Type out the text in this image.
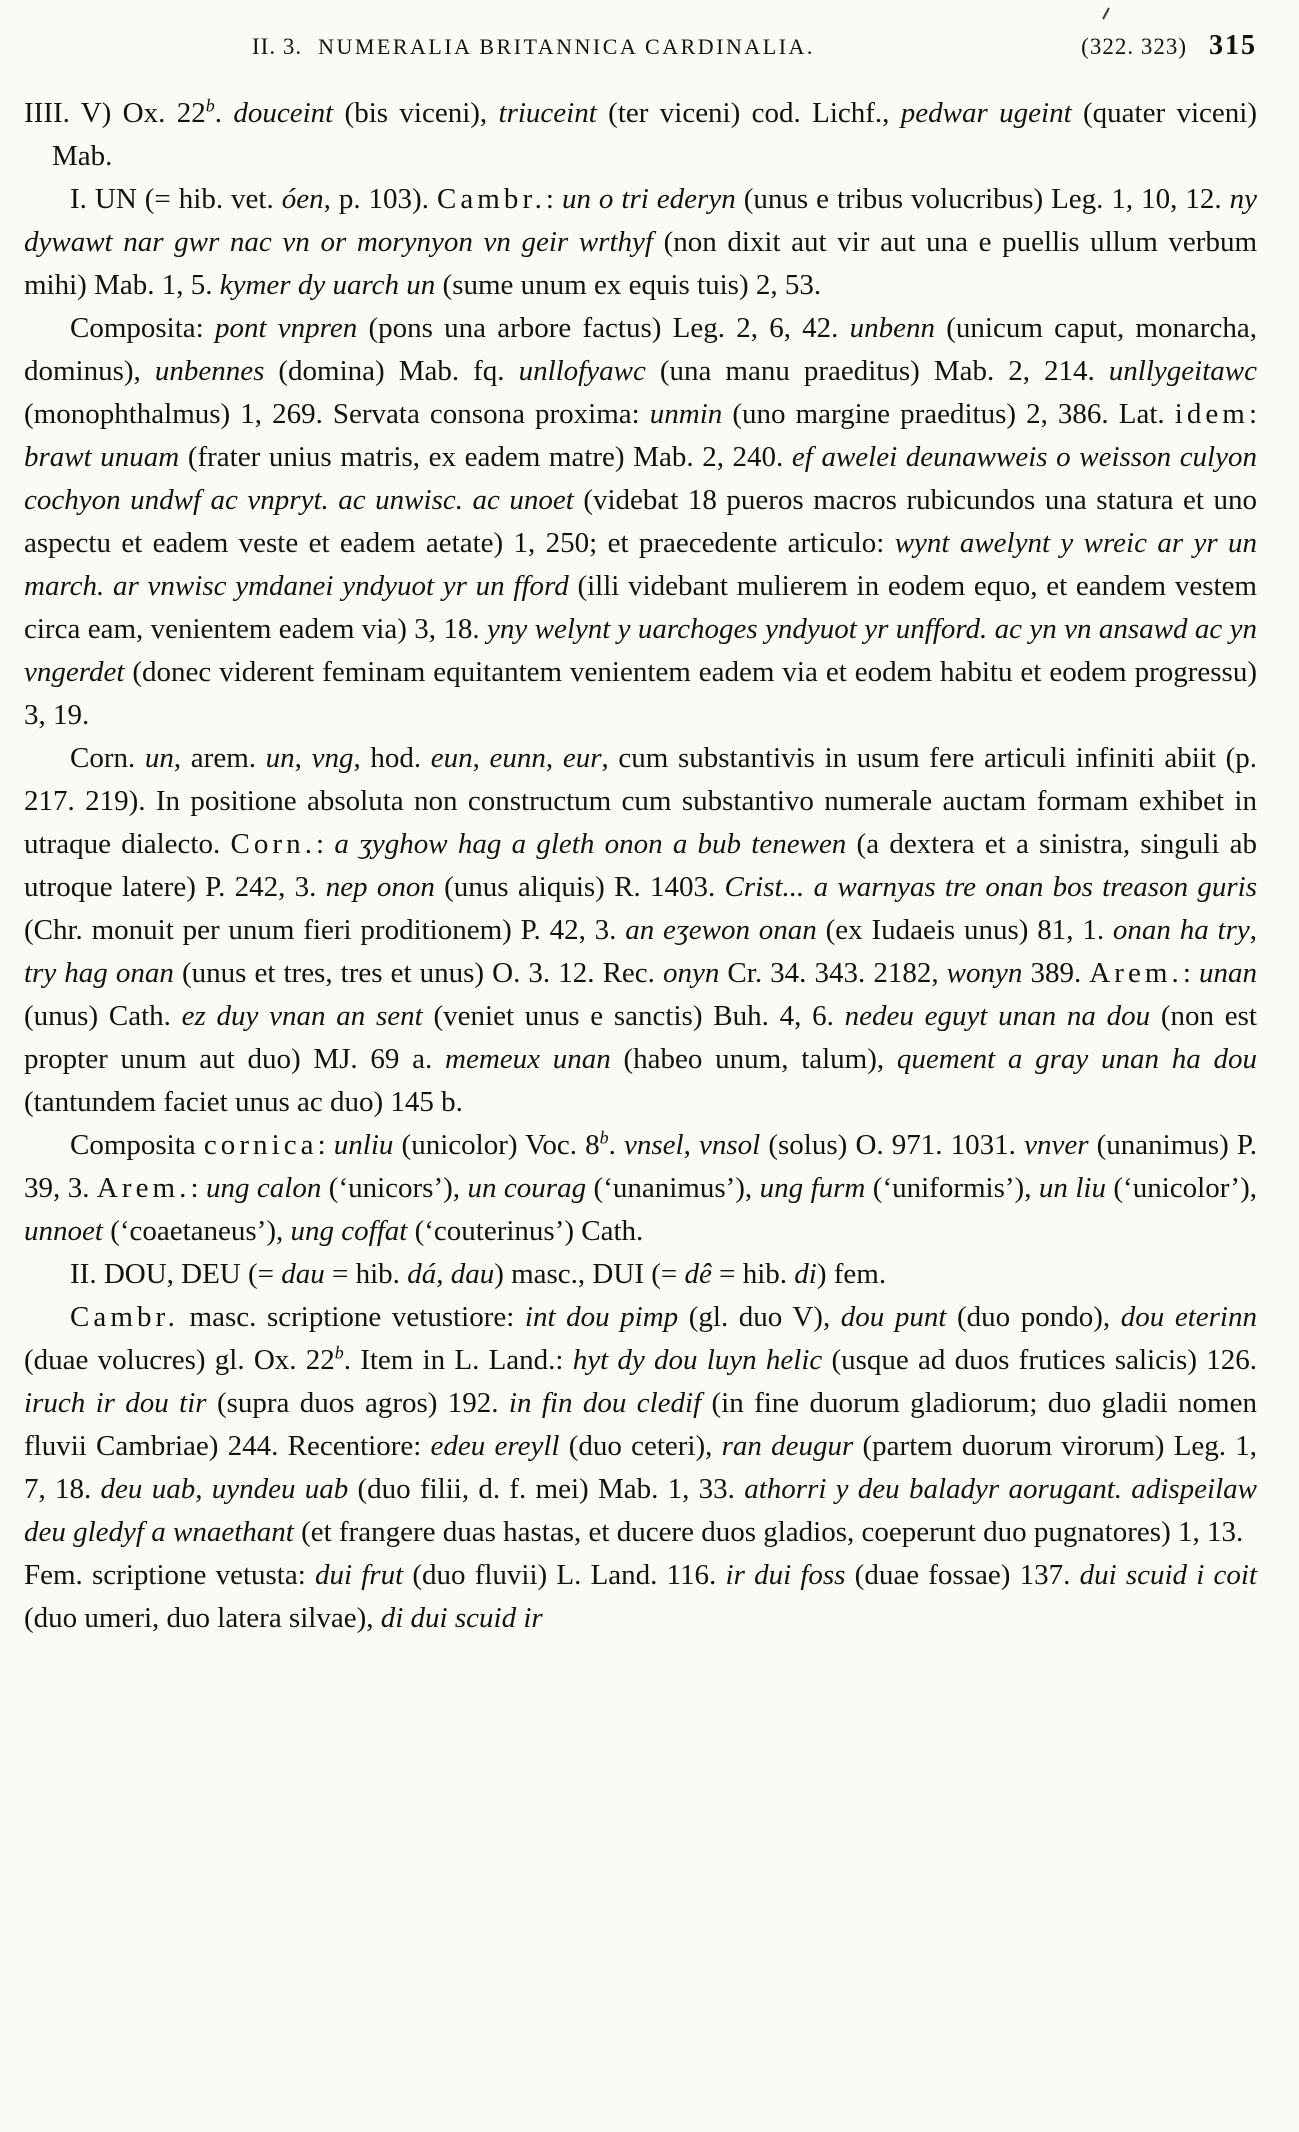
II. 3. NUMERALIA BRITANNICA CARDINALIA.	(322. 323) 315

IIII. V) Ox. 22$^b$. douceint (bis viceni), triuceint (ter viceni) cod. Lichf., pedwar ugeint (quater viceni) Mab.

I. UN (= hib. vet. óen, p. 103). Cambr.: un o tri ederyn (unus e tribus volucribus) Leg. 1, 10, 12. ny dywawt nar gwr nac vn or morynyon vn geir wrthyf (non dixit aut vir aut una e puellis ullum verbum mihi) Mab. 1, 5. kymer dy uarch un (sume unum ex equis tuis) 2, 53.

Composita: pont vnpren (pons una arbore factus) Leg. 2, 6, 42. unbenn (unicum caput, monarcha, dominus), unbennes (domina) Mab. fq. unllofyawc (una manu praeditus) Mab. 2, 214. unllygeitawc (monophthalmus) 1, 269. Servata consona proxima: unmin (uno margine praeditus) 2, 386. Lat. idem: brawt unuam (frater unius matris, ex eadem matre) Mab. 2, 240. ef awelei deunawweis o weisson culyon cochyon undwf ac vnpryt. ac unwisc. ac unoet (videbat 18 pueros macros rubicundos una statura et uno aspectu et eadem veste et eadem aetate) 1, 250; et praecedente articulo: wynt awelynt y wreic ar yr un march. ar vnwisc ymdanei yndyuot yr un fford (illi videbant mulierem in eodem equo, et eandem vestem circa eam, venientem eadem via) 3, 18. yny welynt y uarchoges yndyuot yr unfford. ac yn vn ansawd ac yn vngerdet (donec viderent feminam equitantem venientem eadem via et eodem habitu et eodem progressu) 3, 19.

Corn. un, arem. un, vng, hod. eun, eunn, eur, cum substantivis in usum fere articuli infiniti abiit (p. 217. 219). In positione absoluta non constructum cum substantivo numerale auctam formam exhibet in utraque dialecto. Corn.: a ʒyghow hag a gleth onon a bub tenewen (a dextera et a sinistra, singuli ab utroque latere) P. 242, 3. nep onon (unus aliquis) R. 1403. Crist... a warnyas tre onan bos treason guris (Chr. monuit per unum fieri proditionem) P. 42, 3. an eʒewon onan (ex Iudaeis unus) 81, 1. onan ha try, try hag onan (unus et tres, tres et unus) O. 3. 12. Rec. onyn Cr. 34. 343. 2182, wonyn 389. Arem.: unan (unus) Cath. ez duy vnan an sent (veniet unus e sanctis) Buh. 4, 6. nedeu eguyt unan na dou (non est propter unum aut duo) MJ. 69 a. memeux unan (habeo unum, talum), quement a gray unan ha dou (tantundem faciet unus ac duo) 145 b.

Composita cornica: unliu (unicolor) Voc. 8$^b$. vnsel, vnsol (solus) O. 971. 1031. vnver (unanimus) P. 39, 3. Arem.: ung calon (‘unicors’), un courag (‘unanimus’), ung furm (‘uniformis’), un liu (‘unicolor’), unnoet (‘coaetaneus’), ung coffat (‘couterinus’) Cath.

II. DOU, DEU (= dau = hib. dá, dau) masc., DUI (= dê = hib. di) fem.

Cambr. masc. scriptione vetustiore: int dou pimp (gl. duo V), dou punt (duo pondo), dou eterinn (duae volucres) gl. Ox. 22$^b$. Item in L. Land.: hyt dy dou luyn helic (usque ad duos frutices salicis) 126. iruch ir dou tir (supra duos agros) 192. in fin dou cledif (in fine duorum gladiorum; duo gladii nomen fluvii Cambriae) 244. Recentiore: edeu ereyll (duo ceteri), ran deugur (partem duorum virorum) Leg. 1, 7, 18. deu uab, uyndeu uab (duo filii, d. f. mei) Mab. 1, 33. athorri y deu baladyr aorugant. adispeilaw deu gledyf a wnaethant (et frangere duas hastas, et ducere duos gladios, coeperunt duo pugnatores) 1, 13.

Fem. scriptione vetusta: dui frut (duo fluvii) L. Land. 116. ir dui foss (duae fossae) 137. dui scuid i coit (duo umeri, duo latera silvae), di dui scuid ir
